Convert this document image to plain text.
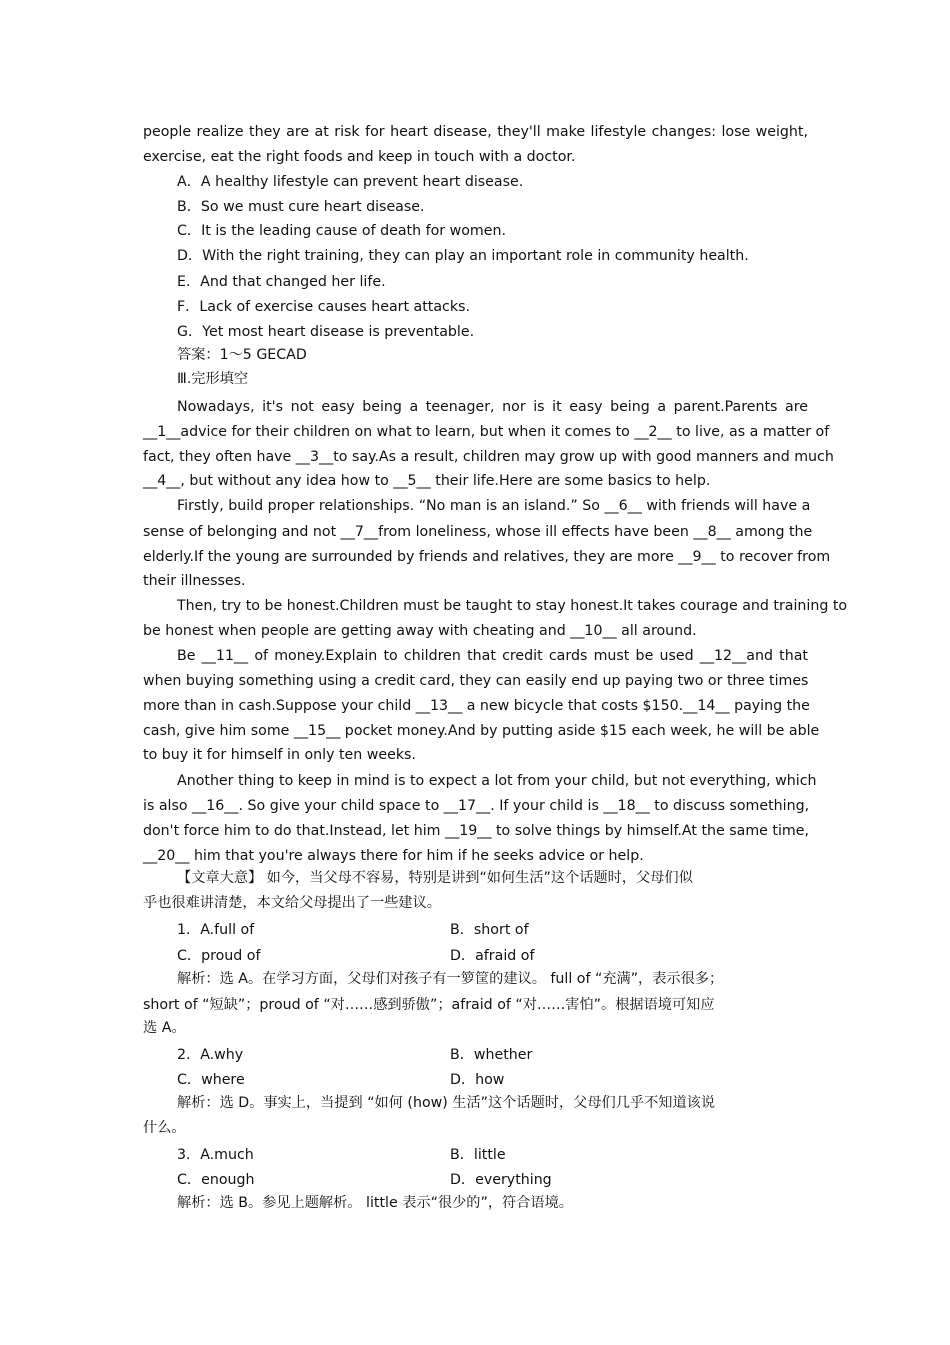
people realize they are at risk for heart disease, they'll make lifestyle changes: lose weight,
exercise, eat the right foods and keep in touch with a doctor.
A．A healthy lifestyle can prevent heart disease.
B．So we must cure heart disease.
C．It is the leading cause of death for women.
D．With the right training, they can play an important role in community health.
E．And that changed her life.
F．Lack of exercise causes heart attacks.
G．Yet most heart disease is preventable.
答案：1～5 GECAD
Ⅲ.完形填空
Nowadays, it's not easy being a teenager, nor is it easy being a parent.Parents are
__1__advice for their children on what to learn, but when it comes to __2__ to live, as a matter of
fact, they often have __3__to say.As a result, children may grow up with good manners and much
__4__, but without any idea how to __5__ their life.Here are some basics to help.
Firstly, build proper relationships. “No man is an island.” So __6__ with friends will have a
sense of belonging and not __7__from loneliness, whose ill effects have been __8__ among the
elderly.If the young are surrounded by friends and relatives, they are more __9__ to recover from
their illnesses.
Then, try to be honest.Children must be taught to stay honest.It takes courage and training to
be honest when people are getting away with cheating and __10__ all around.
Be __11__ of money.Explain to children that credit cards must be used __12__and that
when buying something using a credit card, they can easily end up paying two or three times
more than in cash.Suppose your child __13__ a new bicycle that costs $150.__14__ paying the
cash, give him some __15__ pocket money.And by putting aside $15 each week, he will be able
to buy it for himself in only ten weeks.
Another thing to keep in mind is to expect a lot from your child, but not everything, which
is also __16__. So give your child space to __17__. If your child is __18__ to discuss something,
don't force him to do that.Instead, let him __19__ to solve things by himself.At the same time,
__20__ him that you're always there for him if he seeks advice or help.
【文章大意】 如今，当父母不容易，特别是讲到“如何生活”这个话题时，父母们似
乎也很难讲清楚，本文给父母提出了一些建议。
1．A.full of	B．short of
C．proud of	D．afraid of
解析：选 A。在学习方面，父母们对孩子有一箩筐的建议。 full of “充满”，表示很多；
short of “短缺”；proud of “对……感到骄傲”；afraid of “对……害怕”。根据语境可知应
选 A。
2．A.why	B．whether
C．where	D．how
解析：选 D。事实上，当提到 “如何 (how) 生活”这个话题时，父母们几乎不知道该说
什么。
3．A.much	B．little
C．enough	D．everything
解析：选 B。参见上题解析。 little 表示“很少的”，符合语境。
